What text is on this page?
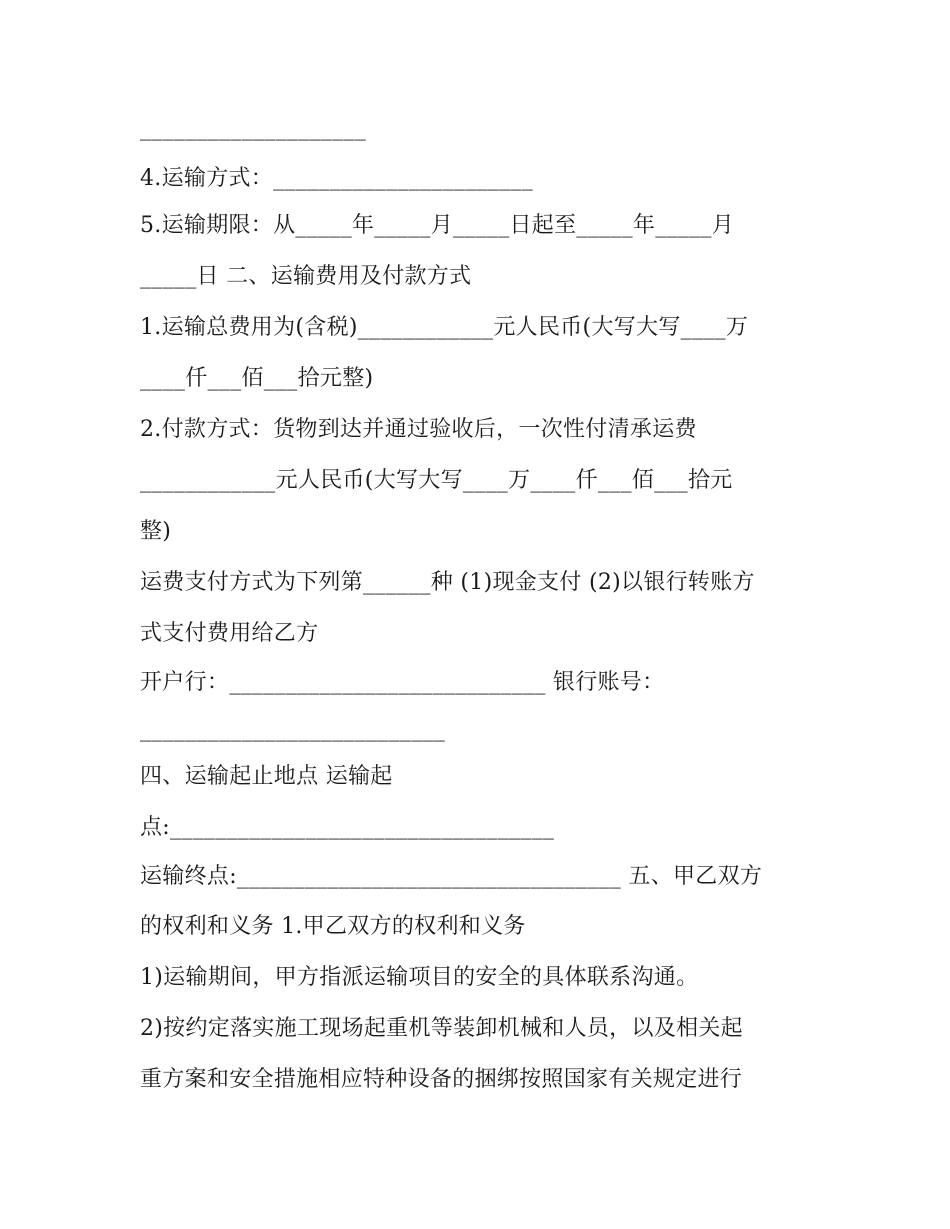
____________________
4.运输方式：_______________________
5.运输期限：从_____年_____月_____日起至_____年_____月
_____日 二、运输费用及付款方式
1.运输总费用为(含税)____________元人民币(大写大写____万
____仟___佰___拾元整)
2.付款方式：货物到达并通过验收后，一次性付清承运费
____________元人民币(大写大写____万____仟___佰___拾元
整)
运费支付方式为下列第______种 (1)现金支付 (2)以银行转账方
式支付费用给乙方
开户行：____________________________ 银行账号：
___________________________
四、运输起止地点 运输起
点:__________________________________
运输终点:__________________________________ 五、甲乙双方
的权利和义务 1.甲乙双方的权利和义务
1)运输期间，甲方指派运输项目的安全的具体联系沟通。
2)按约定落实施工现场起重机等装卸机械和人员，以及相关起
重方案和安全措施相应特种设备的捆绑按照国家有关规定进行
